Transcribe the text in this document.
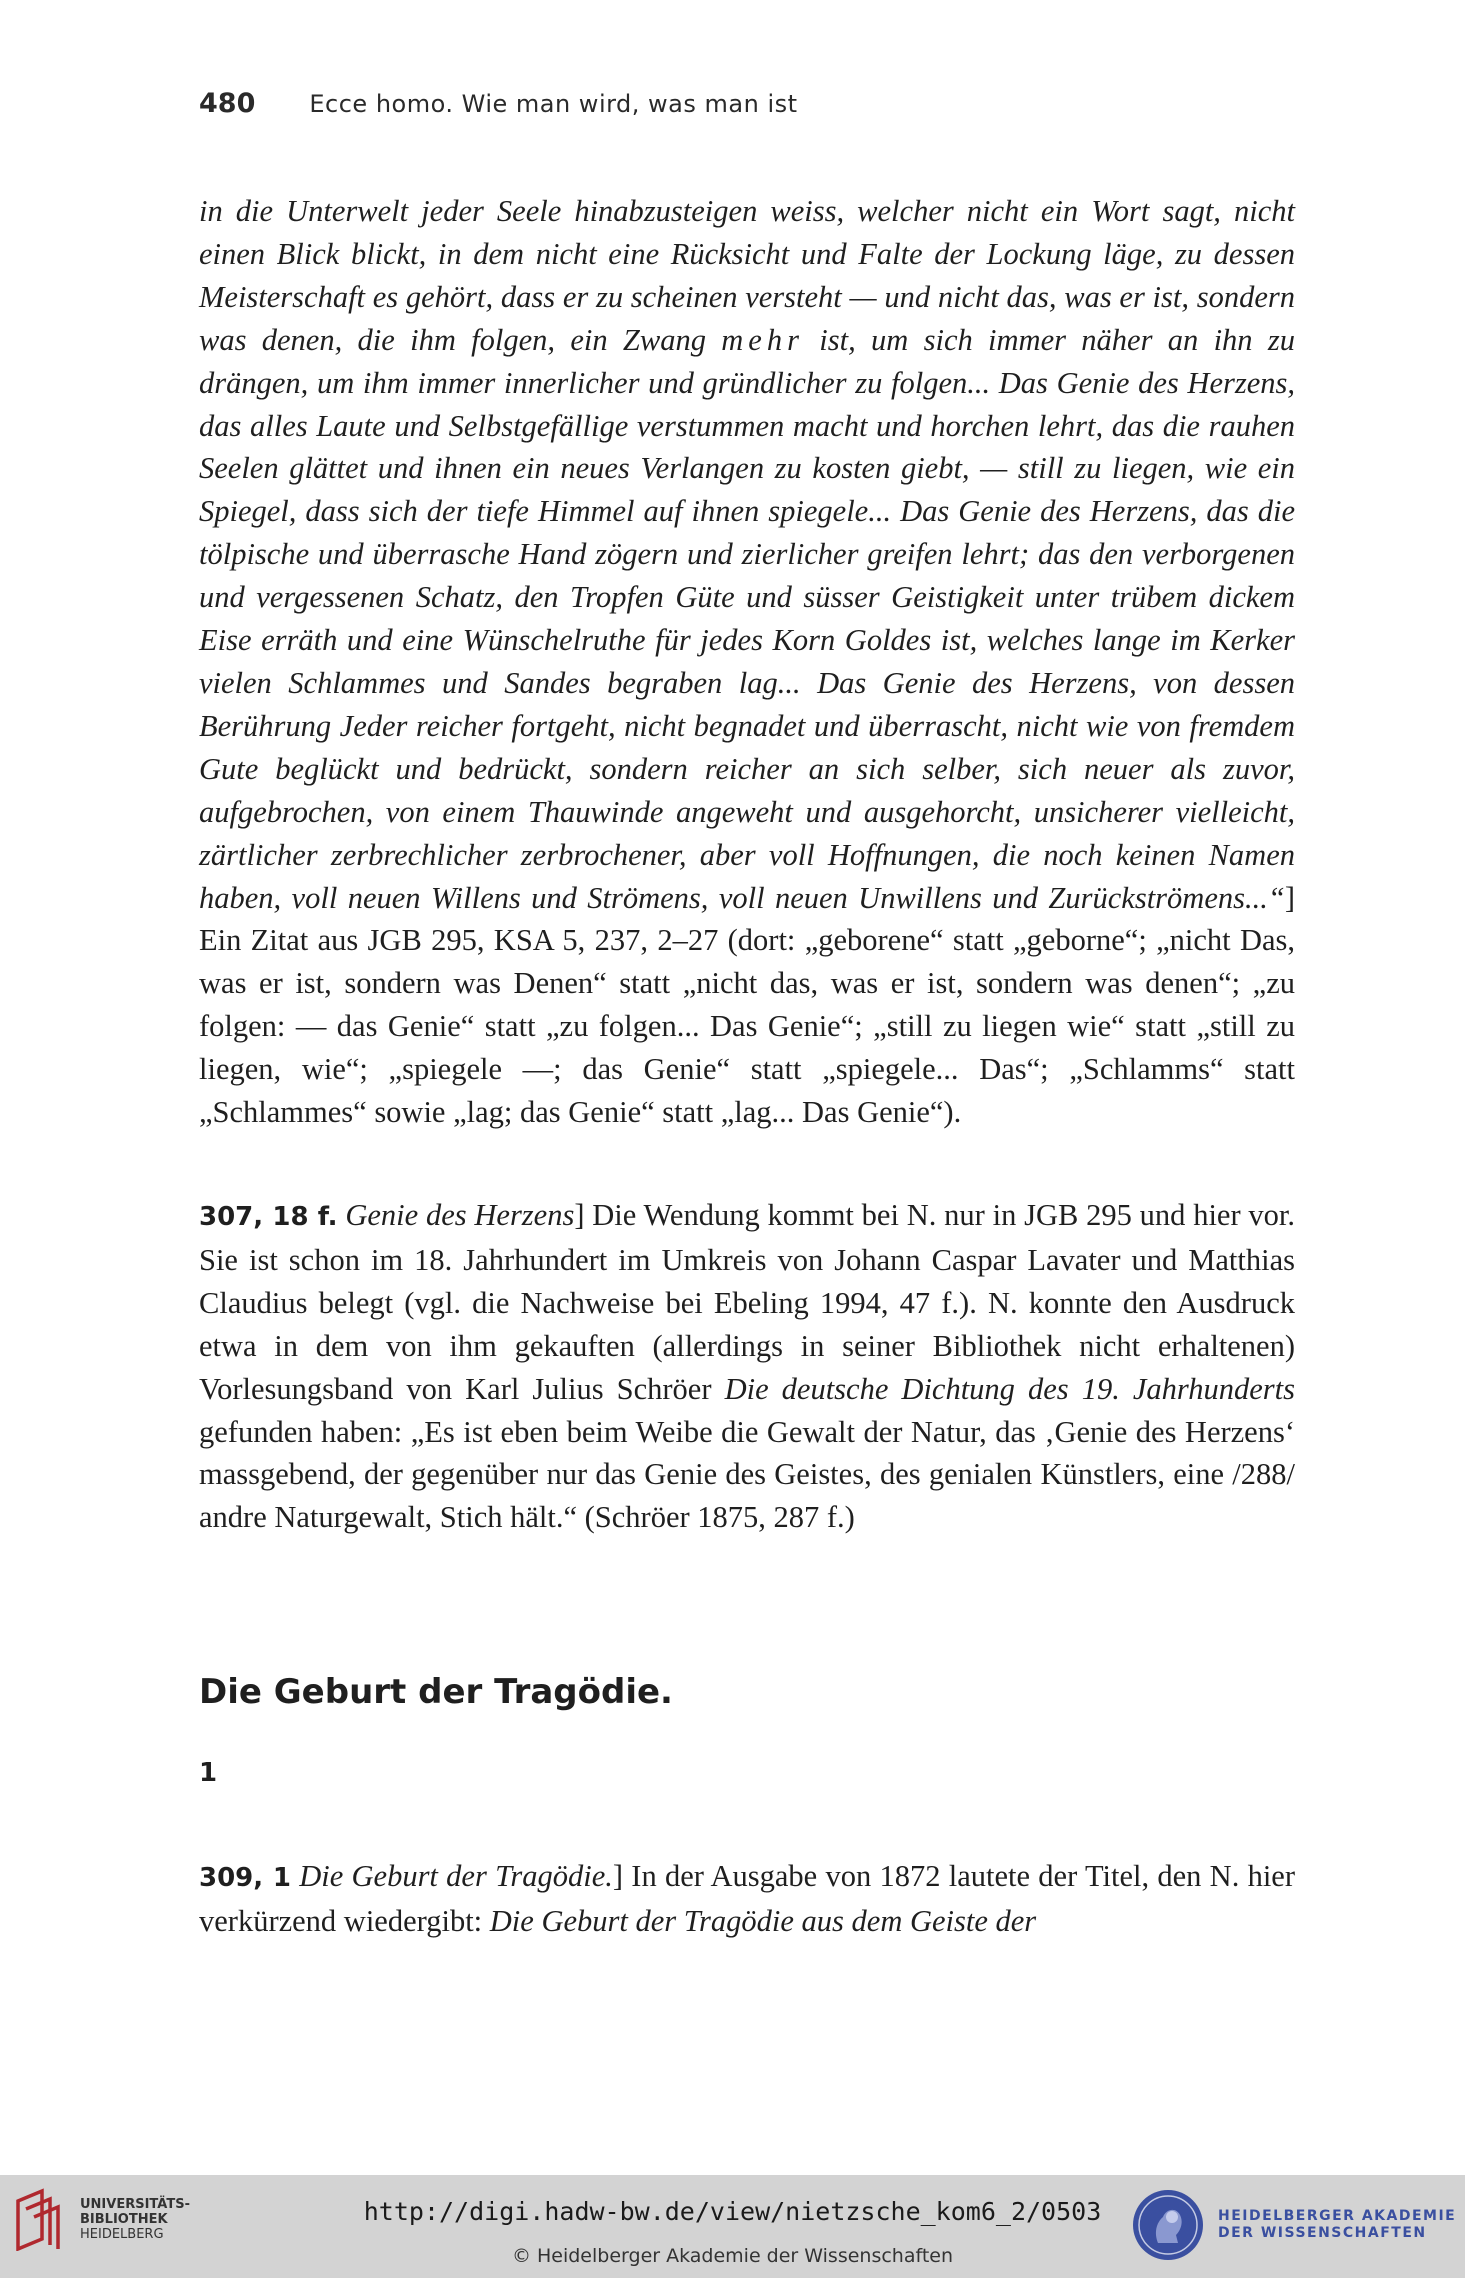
480 Ecce homo. Wie man wird, was man ist

in die Unterwelt jeder Seele hinabzusteigen weiss, welcher nicht ein Wort sagt, nicht einen Blick blickt, in dem nicht eine Rücksicht und Falte der Lockung läge, zu dessen Meisterschaft es gehört, dass er zu scheinen versteht — und nicht das, was er ist, sondern was denen, die ihm folgen, ein Zwang mehr ist, um sich immer näher an ihn zu drängen, um ihm immer innerlicher und gründlicher zu folgen... Das Genie des Herzens, das alles Laute und Selbstgefällige verstummen macht und horchen lehrt, das die rauhen Seelen glättet und ihnen ein neues Verlangen zu kosten giebt, — still zu liegen, wie ein Spiegel, dass sich der tiefe Himmel auf ihnen spiegele... Das Genie des Herzens, das die tölpische und überrasche Hand zögern und zierlicher greifen lehrt; das den verborgenen und vergessenen Schatz, den Tropfen Güte und süsser Geistigkeit unter trübem dickem Eise erräth und eine Wünschelruthe für jedes Korn Goldes ist, welches lange im Kerker vielen Schlammes und Sandes begraben lag... Das Genie des Herzens, von dessen Berührung Jeder reicher fortgeht, nicht begnadet und überrascht, nicht wie von fremdem Gute beglückt und bedrückt, sondern reicher an sich selber, sich neuer als zuvor, aufgebrochen, von einem Thauwinde angeweht und ausgehorcht, unsicherer vielleicht, zärtlicher zerbrechlicher zerbrochener, aber voll Hoffnungen, die noch keinen Namen haben, voll neuen Willens und Strömens, voll neuen Unwillens und Zurückströmens...“] Ein Zitat aus JGB 295, KSA 5, 237, 2–27 (dort: „geborene“ statt „geborne“; „nicht Das, was er ist, sondern was Denen“ statt „nicht das, was er ist, sondern was denen“; „zu folgen: — das Genie“ statt „zu folgen... Das Genie“; „still zu liegen wie“ statt „still zu liegen, wie“; „spiegele —; das Genie“ statt „spiegele... Das“; „Schlamms“ statt „Schlammes“ sowie „lag; das Genie“ statt „lag... Das Genie“).

307, 18 f. Genie des Herzens] Die Wendung kommt bei N. nur in JGB 295 und hier vor. Sie ist schon im 18. Jahrhundert im Umkreis von Johann Caspar Lavater und Matthias Claudius belegt (vgl. die Nachweise bei Ebeling 1994, 47 f.). N. konnte den Ausdruck etwa in dem von ihm gekauften (allerdings in seiner Bibliothek nicht erhaltenen) Vorlesungsband von Karl Julius Schröer Die deutsche Dichtung des 19. Jahrhunderts gefunden haben: „Es ist eben beim Weibe die Gewalt der Natur, das ‚Genie des Herzens‘ massgebend, der gegenüber nur das Genie des Geistes, des genialen Künstlers, eine /288/ andre Naturgewalt, Stich hält.“ (Schröer 1875, 287 f.)

Die Geburt der Tragödie.
1

309, 1 Die Geburt der Tragödie.] In der Ausgabe von 1872 lautete der Titel, den N. hier verkürzend wiedergibt: Die Geburt der Tragödie aus dem Geiste der

UNIVERSITÄTS-
BIBLIOTHEK
HEIDELBERG
http://digi.hadw-bw.de/view/nietzsche_kom6_2/0503
© Heidelberger Akademie der Wissenschaften
HEIDELBERGER AKADEMIE
DER WISSENSCHAFTEN
